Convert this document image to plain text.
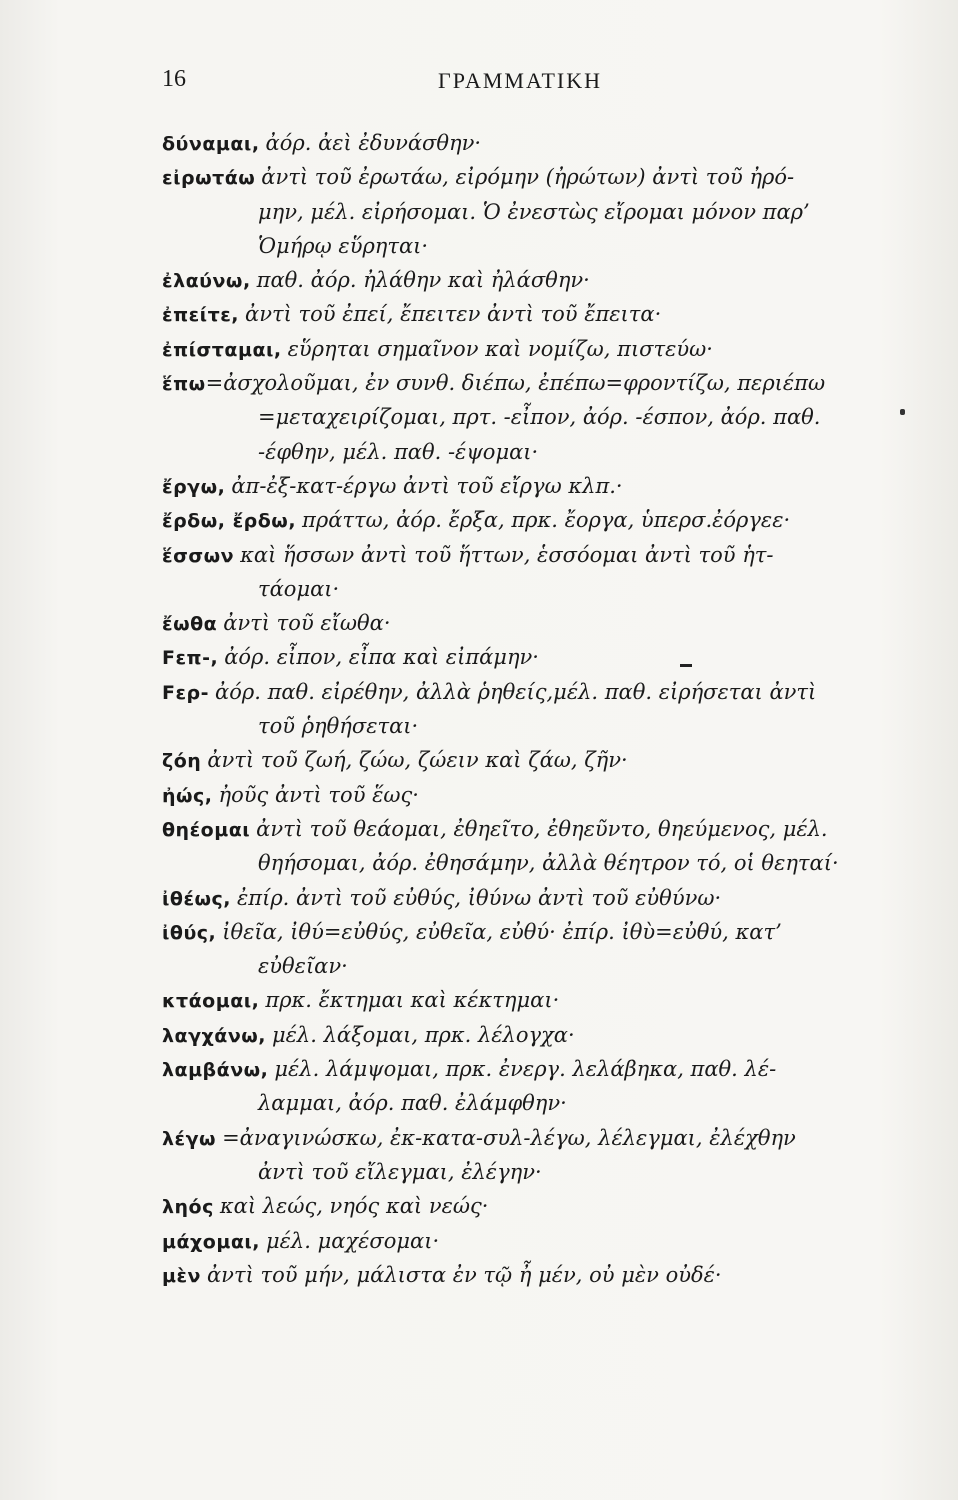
16	ΓΡΑΜΜΑΤΙΚΗ
δύναμαι, ἀόρ. ἀεὶ ἐδυνάσθην·
εἰρωτάω ἀντὶ τοῦ ἐρωτάω, εἰρόμην (ἠρώτων) ἀντὶ τοῦ ἠρό-
μην, μέλ. εἰρήσομαι. Ὁ ἐνεστὼς εἴρομαι μόνον παρ’
Ὁμήρῳ εὕρηται·
ἐλαύνω, παθ. ἀόρ. ἠλάθην καὶ ἠλάσθην·
ἐπείτε, ἀντὶ τοῦ ἐπεί, ἔπειτεν ἀντὶ τοῦ ἔπειτα·
ἐπίσταμαι, εὕρηται σημαῖνον καὶ νομίζω, πιστεύω·
ἕπω=ἀσχολοῦμαι, ἐν συνθ. διέπω, ἐπέπω=φροντίζω, περιέπω
=μεταχειρίζομαι, πρτ. -εἶπον, ἀόρ. -έσπον, ἀόρ. παθ.
-έφθην, μέλ. παθ. -έψομαι·
ἔργω, ἀπ-ἐξ-κατ-έργω ἀντὶ τοῦ εἴργω κλπ.·
ἔρδω, ἔρδω, πράττω, ἀόρ. ἔρξα, πρκ. ἔοργα, ὑπερσ.ἐόργεε·
ἕσσων καὶ ἥσσων ἀντὶ τοῦ ἥττων, ἑσσόομαι ἀντὶ τοῦ ἡτ-
τάομαι·
ἔωθα ἀντὶ τοῦ εἴωθα·
Fεπ-, ἀόρ. εἶπον, εἶπα καὶ εἰπάμην·
Fερ- ἀόρ. παθ. εἰρέθην, ἀλλὰ ῥηθείς,μέλ. παθ. εἰρήσεται ἀντὶ
τοῦ ῥηθήσεται·
ζόη ἀντὶ τοῦ ζωή, ζώω, ζώειν καὶ ζάω, ζῆν·
ἠώς, ἠοῦς ἀντὶ τοῦ ἕως·
θηέομαι ἀντὶ τοῦ θεάομαι, ἐθηεῖτο, ἐθηεῦντο, θηεύμενος, μέλ.
θηήσομαι, ἀόρ. ἐθησάμην, ἀλλὰ θέητρον τό, οἱ θεηταί·
ἰθέως, ἐπίρ. ἀντὶ τοῦ εὐθύς, ἰθύνω ἀντὶ τοῦ εὐθύνω·
ἰθύς, ἰθεῖα, ἰθύ=εὐθύς, εὐθεῖα, εὐθύ· ἐπίρ. ἰθὺ=εὐθύ, κατ’
εὐθεῖαν·
κτάομαι, πρκ. ἔκτημαι καὶ κέκτημαι·
λαγχάνω, μέλ. λάξομαι, πρκ. λέλογχα·
λαμβάνω, μέλ. λάμψομαι, πρκ. ἐνεργ. λελάβηκα, παθ. λέ-
λαμμαι, ἀόρ. παθ. ἐλάμφθην·
λέγω =ἀναγινώσκω, ἐκ-κατα-συλ-λέγω, λέλεγμαι, ἐλέχθην
ἀντὶ τοῦ εἴλεγμαι, ἐλέγην·
ληός καὶ λεώς, νηός καὶ νεώς·
μάχομαι, μέλ. μαχέσομαι·
μὲν ἀντὶ τοῦ μήν, μάλιστα ἐν τῷ ἦ μέν, οὐ μὲν οὐδέ·
